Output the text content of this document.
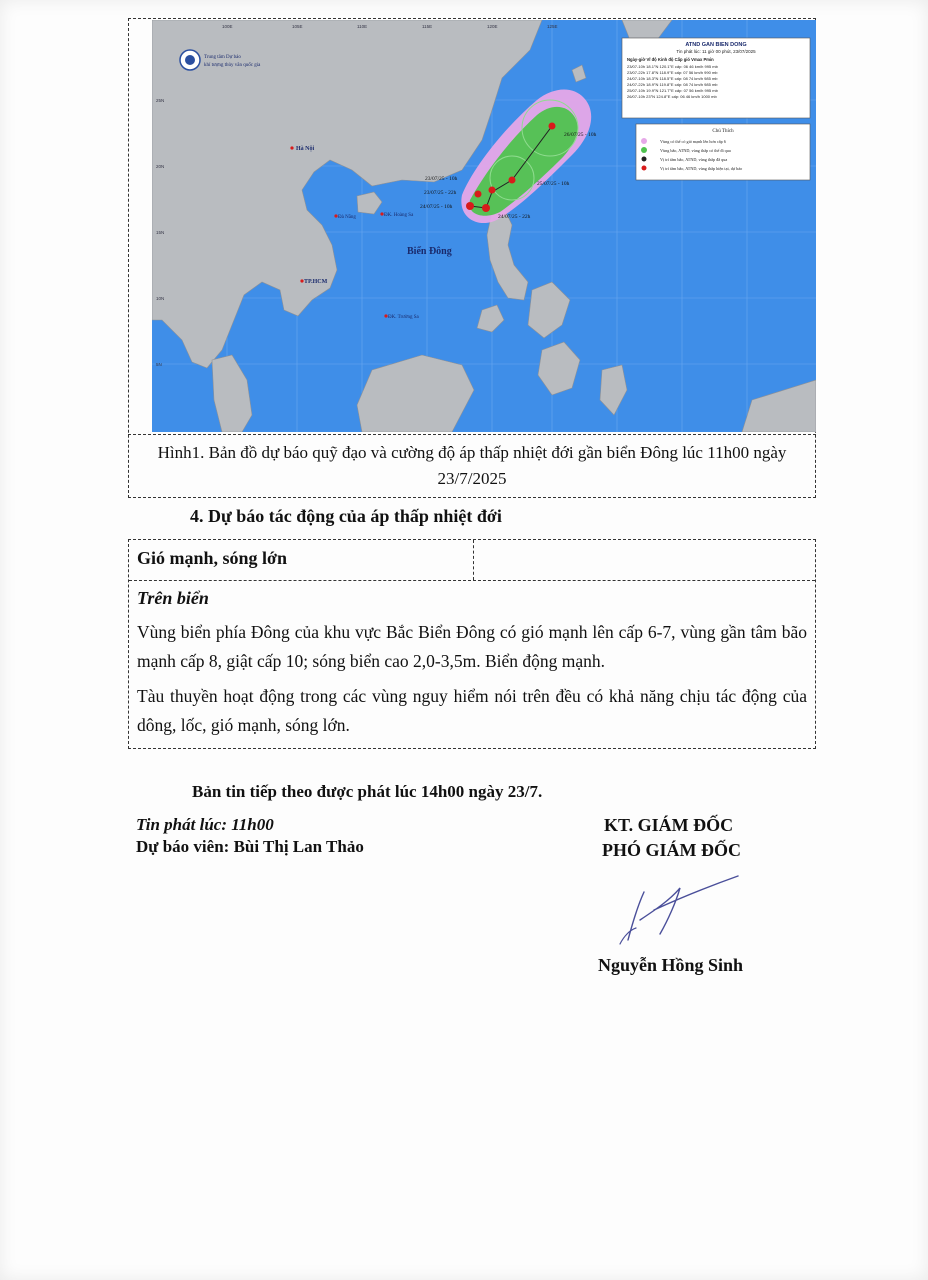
23/07/25 - 10h
23/07/25 - 22h
24/07/25 - 10h
24/07/25 - 22h
25/07/25 - 10h
26/07/25 - 10h
Hà Nội
Đà Nẵng	ĐK. Hoàng Sa
Biển Đông
TP.HCM
ĐK. Trường Sa
Trung tâm Dự báo
khí tượng thủy văn quốc gia
100E	105E	110E	115E	120E	125E
25N
20N
15N
10N
5N
ATND GAN BIEN DONG
Tin phát lúc: 11 giờ 00 phút, 23/07/2025
Ngày-giờ Vĩ độ Kinh độ Cấp gió Vmax Pmin
23/07-10h 18.1°N 120.1°E cấp: 06 46 km/h 995 mb
23/07-22h 17.8°N 118.9°E cấp: 07 56 km/h 990 mb
24/07-10h 18.3°N 118.5°E cấp: 08 74 km/h 985 mb
24/07-22h 18.9°N 119.8°E cấp: 08 74 km/h 985 mb
25/07-10h 19.9°N 121.7°E cấp: 07 56 km/h 995 mb
26/07-10h 23°N 124.8°E cấp: 06 46 km/h 1000 mb
Chú Thích
Vùng có thể có gió mạnh lên hơn cấp 6
Vùng bão, ATND, vùng thấp có thể đi qua
Vị trí tâm bão, ATND, vùng thấp đã qua
Vị trí tâm bão, ATND, vùng thấp hiện tại, dự báo
Hình1. Bản đồ dự báo quỹ đạo và cường độ áp thấp nhiệt đới gần biển Đông lúc 11h00 ngày
23/7/2025
4. Dự báo tác động của áp thấp nhiệt đới
Gió mạnh, sóng lớn
Trên biển
Vùng biển phía Đông của khu vực Bắc Biển Đông có gió mạnh lên cấp 6-7, vùng gần tâm bão mạnh cấp 8, giật cấp 10; sóng biển cao 2,0-3,5m. Biển động mạnh.
Tàu thuyền hoạt động trong các vùng nguy hiểm nói trên đều có khả năng chịu tác động của dông, lốc, gió mạnh, sóng lớn.
Bản tin tiếp theo được phát lúc 14h00 ngày 23/7.
Tin phát lúc: 11h00
Dự báo viên: Bùi Thị Lan Thảo
KT. GIÁM ĐỐC
PHÓ GIÁM ĐỐC
Nguyễn Hồng Sinh
